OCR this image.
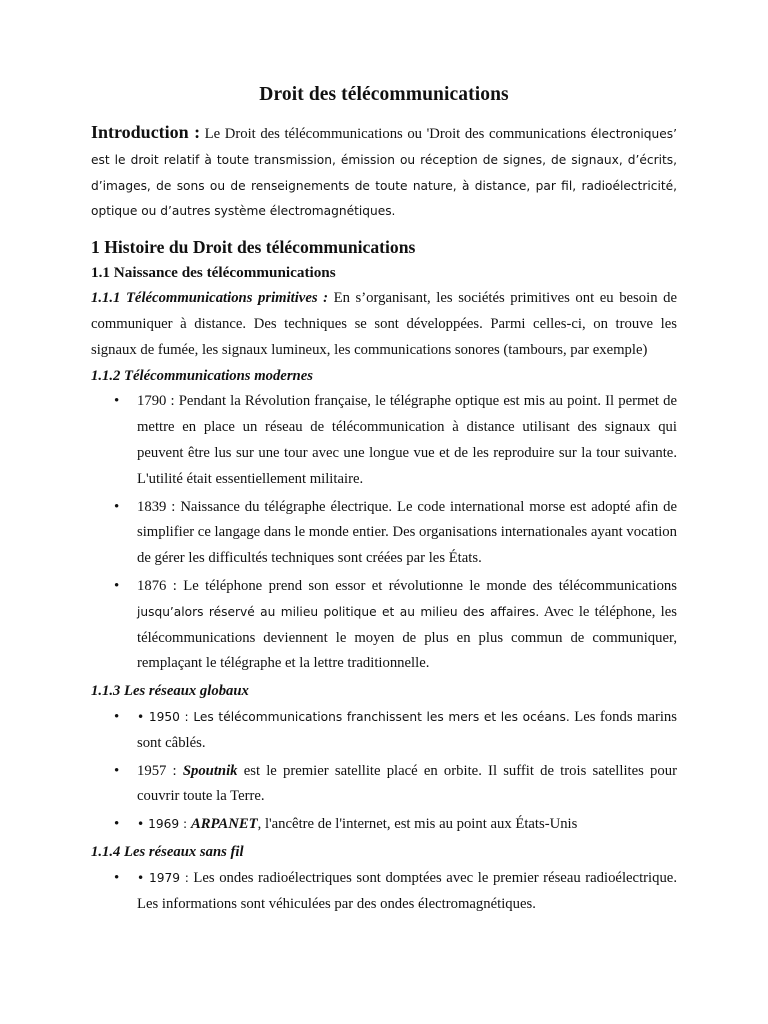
Droit des télécommunications

Introduction : Le Droit des télécommunications ou 'Droit des communications électroniques’ est le droit relatif à toute transmission, émission ou réception de signes, de signaux, d’écrits, d’images, de sons ou de renseignements de toute nature, à distance, par fil, radioélectricité, optique ou d’autres système électromagnétiques.

1 Histoire du Droit des télécommunications
1.1 Naissance des télécommunications

1.1.1 Télécommunications primitives : En s’organisant, les sociétés primitives ont eu besoin de communiquer à distance. Des techniques se sont développées. Parmi celles-ci, on trouve les signaux de fumée, les signaux lumineux, les communications sonores (tambours, par exemple)

1.1.2 Télécommunications modernes

• 1790 : Pendant la Révolution française, le télégraphe optique est mis au point. Il permet de mettre en place un réseau de télécommunication à distance utilisant des signaux qui peuvent être lus sur une tour avec une longue vue et de les reproduire sur la tour suivante. L'utilité était essentiellement militaire.

• 1839 : Naissance du télégraphe électrique. Le code international morse est adopté afin de simplifier ce langage dans le monde entier. Des organisations internationales ayant vocation de gérer les difficultés techniques sont créées par les États.

• 1876 : Le téléphone prend son essor et révolutionne le monde des télécommunications jusqu’alors réservé au milieu politique et au milieu des affaires. Avec le téléphone, les télécommunications deviennent le moyen de plus en plus commun de communiquer, remplaçant le télégraphe et la lettre traditionnelle.

1.1.3 Les réseaux globaux

• • 1950 : Les télécommunications franchissent les mers et les océans. Les fonds marins sont câblés.

• 1957 : Spoutnik est le premier satellite placé en orbite. Il suffit de trois satellites pour couvrir toute la Terre.

• • 1969 : ARPANET, l'ancêtre de l'internet, est mis au point aux États-Unis

1.1.4 Les réseaux sans fil

• • 1979 : Les ondes radioélectriques sont domptées avec le premier réseau radioélectrique. Les informations sont véhiculées par des ondes électromagnétiques.
